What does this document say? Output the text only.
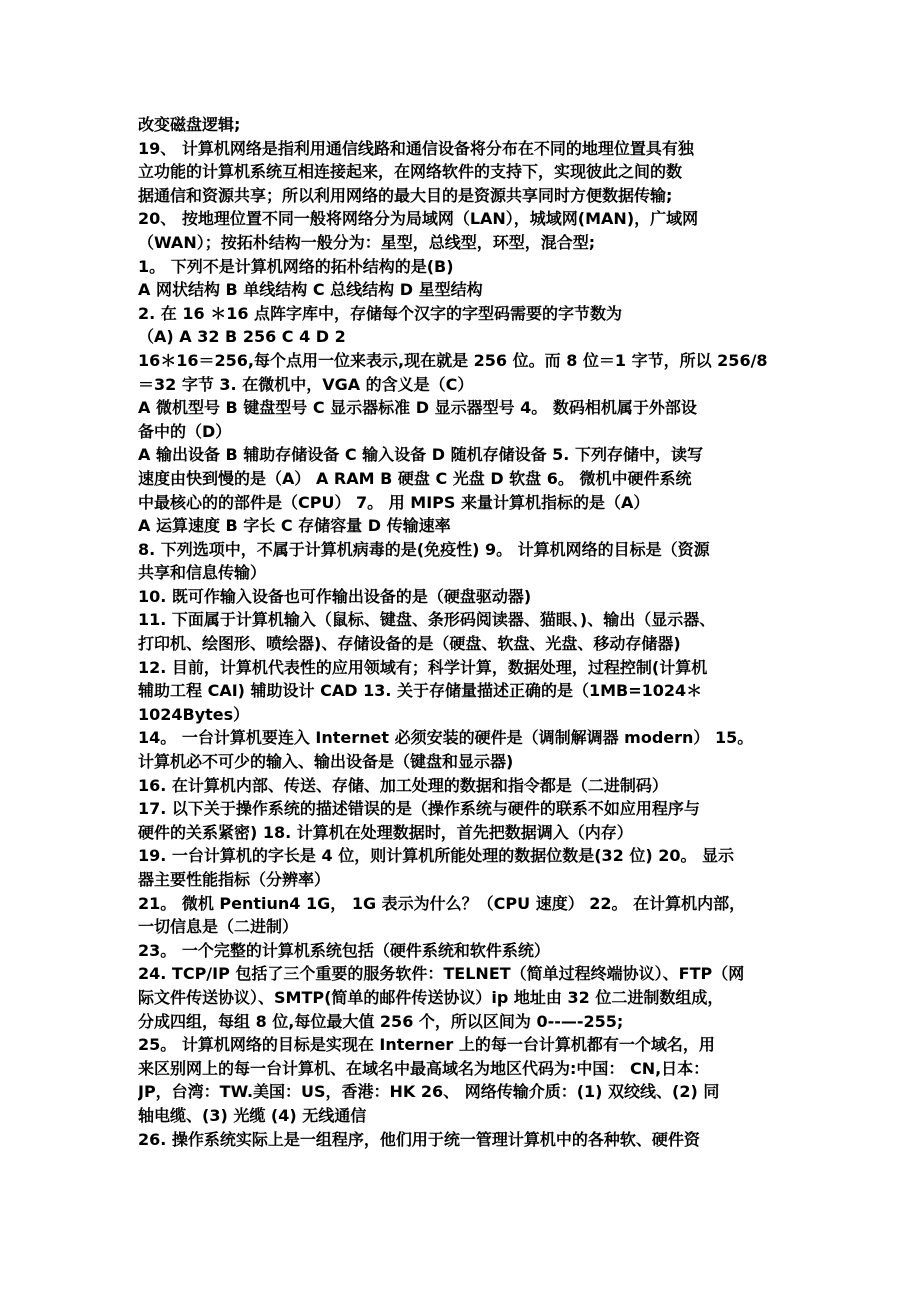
改变磁盘逻辑;
19、 计算机网络是指利用通信线路和通信设备将分布在不同的地理位置具有独
立功能的计算机系统互相连接起来，在网络软件的支持下，实现彼此之间的数
据通信和资源共享；所以利用网络的最大目的是资源共享同时方便数据传输;
20、 按地理位置不同一般将网络分为局域网（LAN），城域网(MAN)，广域网
（WAN）；按拓朴结构一般分为：星型，总线型，环型，混合型;
1。 下列不是计算机网络的拓朴结构的是(B)
A 网状结构 B 单线结构 C 总线结构 D 星型结构
2. 在 16 ＊16 点阵字库中，存储每个汉字的字型码需要的字节数为
（A) A 32 B 256 C 4 D 2
16＊16＝256,每个点用一位来表示,现在就是 256 位。而 8 位＝1 字节，所以 256/8
＝32 字节 3. 在微机中，VGA 的含义是（C）
A 微机型号 B 键盘型号 C 显示器标准 D 显示器型号 4。 数码相机属于外部设
备中的（D）
A 输出设备 B 辅助存储设备 C 输入设备 D 随机存储设备 5. 下列存储中，读写
速度由快到慢的是（A） A RAM B 硬盘 C 光盘 D 软盘 6。 微机中硬件系统
中最核心的的部件是（CPU） 7。 用 MIPS 来量计算机指标的是（A）
A 运算速度 B 字长 C 存储容量 D 传输速率
8. 下列选项中，不属于计算机病毒的是(免疫性) 9。 计算机网络的目标是（资源
共享和信息传输）
10. 既可作输入设备也可作输出设备的是（硬盘驱动器)
11. 下面属于计算机输入（鼠标、键盘、条形码阅读器、猫眼、)、输出（显示器、
打印机、绘图形、喷绘器)、存储设备的是（硬盘、软盘、光盘、移动存储器)
12. 目前，计算机代表性的应用领域有；科学计算，数据处理，过程控制(计算机
辅助工程 CAI) 辅助设计 CAD 13. 关于存储量描述正确的是（1MB=1024＊
1024Bytes）
14。 一台计算机要连入 Internet 必须安装的硬件是（调制解调器 modern） 15。
计算机必不可少的输入、输出设备是（键盘和显示器)
16. 在计算机内部、传送、存储、加工处理的数据和指令都是（二进制码）
17. 以下关于操作系统的描述错误的是（操作系统与硬件的联系不如应用程序与
硬件的关系紧密) 18. 计算机在处理数据时，首先把数据调入（内存）
19. 一台计算机的字长是 4 位，则计算机所能处理的数据位数是(32 位) 20。 显示
器主要性能指标（分辨率）
21。 微机 Pentiun4 1G， 1G 表示为什么？（CPU 速度） 22。 在计算机内部，
一切信息是（二进制）
23。 一个完整的计算机系统包括（硬件系统和软件系统）
24. TCP/IP 包括了三个重要的服务软件：TELNET（简单过程终端协议）、FTP（网
际文件传送协议）、SMTP(简单的邮件传送协议）ip 地址由 32 位二进制数组成，
分成四组，每组 8 位,每位最大值 256 个，所以区间为 0--—-255;
25。 计算机网络的目标是实现在 Interner 上的每一台计算机都有一个域名，用
来区别网上的每一台计算机、在域名中最高域名为地区代码为:中国： CN,日本：
JP，台湾：TW.美国：US，香港：HK 26、 网络传输介质：(1) 双绞线、(2) 同
轴电缆、(3) 光缆 (4) 无线通信
26. 操作系统实际上是一组程序，他们用于统一管理计算机中的各种软、硬件资
